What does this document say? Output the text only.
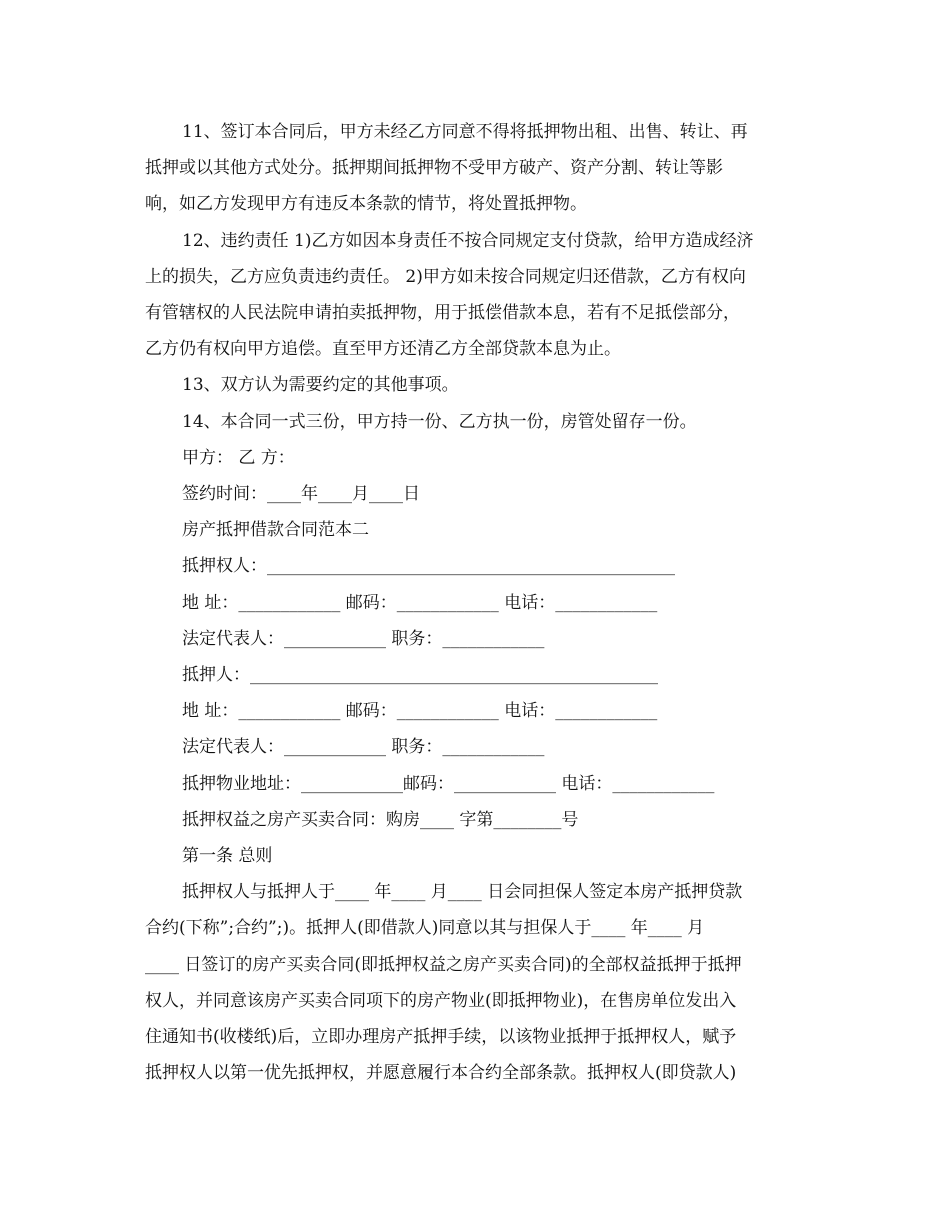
11、签订本合同后，甲方未经乙方同意不得将抵押物出租、出售、转让、再
抵押或以其他方式处分。抵押期间抵押物不受甲方破产、资产分割、转让等影
响，如乙方发现甲方有违反本条款的情节，将处置抵押物。
12、违约责任 1)乙方如因本身责任不按合同规定支付贷款，给甲方造成经济
上的损失，乙方应负责违约责任。 2)甲方如未按合同规定归还借款，乙方有权向
有管辖权的人民法院申请拍卖抵押物，用于抵偿借款本息，若有不足抵偿部分，
乙方仍有权向甲方追偿。直至甲方还清乙方全部贷款本息为止。
13、双方认为需要约定的其他事项。
14、本合同一式三份，甲方持一份、乙方执一份，房管处留存一份。
甲方： 乙 方：
签约时间：____年____月____日
房产抵押借款合同范本二
抵押权人：________________________________________________
地 址：____________ 邮码：____________ 电话：____________
法定代表人：____________ 职务：____________
抵押人：________________________________________________
地 址：____________ 邮码：____________ 电话：____________
法定代表人：____________ 职务：____________
抵押物业地址：____________邮码：____________ 电话：____________
抵押权益之房产买卖合同：购房____ 字第________号
第一条 总则
抵押权人与抵押人于____ 年____ 月____ 日会同担保人签定本房产抵押贷款
合约(下称”;合约”;)。抵押人(即借款人)同意以其与担保人于____ 年____ 月
____ 日签订的房产买卖合同(即抵押权益之房产买卖合同)的全部权益抵押于抵押
权人，并同意该房产买卖合同项下的房产物业(即抵押物业)，在售房单位发出入
住通知书(收楼纸)后，立即办理房产抵押手续，以该物业抵押于抵押权人，赋予
抵押权人以第一优先抵押权，并愿意履行本合约全部条款。抵押权人(即贷款人)
